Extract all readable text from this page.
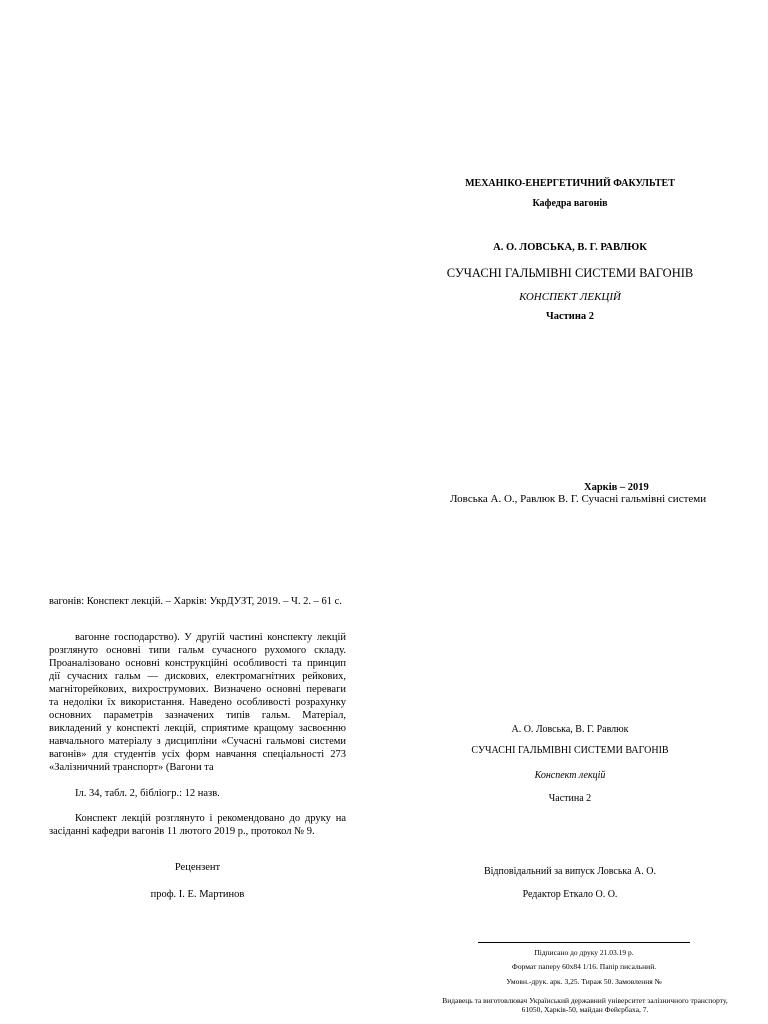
МЕХАНІКО-ЕНЕРГЕТИЧНИЙ ФАКУЛЬТЕТ
Кафедра вагонів
А. О. ЛОВСЬКА, В. Г. РАВЛЮК
СУЧАСНІ ГАЛЬМІВНІ СИСТЕМИ ВАГОНІВ
КОНСПЕКТ ЛЕКЦІЙ
Частина 2
Харків – 2019
Ловська А. О., Равлюк В. Г. Сучасні гальмівні системи
вагонів: Конспект лекцій. – Харків: УкрДУЗТ, 2019. – Ч. 2. – 61 с.
вагонне господарство). У другій частині конспекту лекцій розглянуто основні типи гальм сучасного рухомого складу. Проаналізовано основні конструкційні особливості та принцип дії сучасних гальм — дискових, електромагнітних рейкових, магніторейкових, вихрострумових. Визначено основні переваги та недоліки їх використання. Наведено особливості розрахунку основних параметрів зазначених типів гальм. Матеріал, викладений у конспекті лекцій, сприятиме кращому засвоєнню навчального матеріалу з дисципліни «Сучасні гальмові системи вагонів» для студентів усіх форм навчання спеціальності 273 «Залізничний транспорт» (Вагони та
Іл. 34, табл. 2, бібліогр.: 12 назв.
Конспект лекцій розглянуто і рекомендовано до друку на засіданні кафедри вагонів 11 лютого 2019 р., протокол № 9.
Рецензент
проф. І. Е. Мартинов
А. О. Ловська, В. Г. Равлюк
СУЧАСНІ ГАЛЬМІВНІ СИСТЕМИ ВАГОНІВ
Конспект лекцій
Частина 2
Відповідальний за випуск Ловська А. О.
Редактор Еткало О. О.
Підписано до друку 21.03.19 р.
Формат паперу 60х84 1/16. Папір писальний.
Умовн.-друк. арк. 3,25. Тираж 50. Замовлення №
Видавець та виготовлювач Український державний університет залізничного транспорту, 61050, Харків-50, майдан Фейєрбаха, 7.
